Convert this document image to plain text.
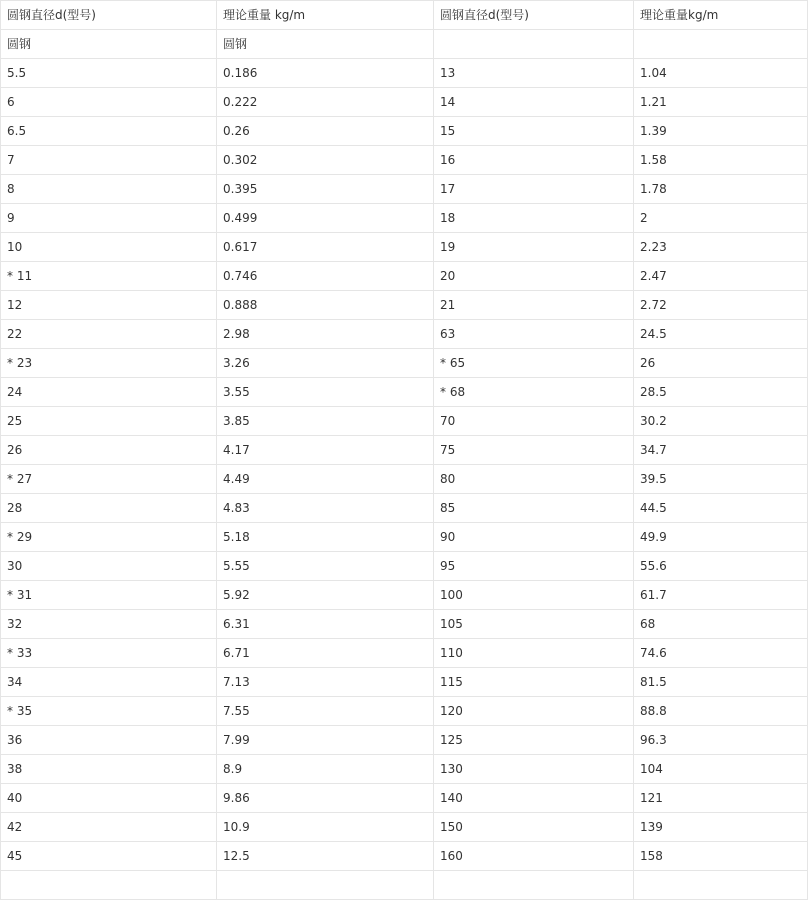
圆钢直径d(型号)	理论重量 kg/m	圆钢直径d(型号)	理论重量kg/m
圆钢	圆钢		
5.5	0.186	13	1.04
6	0.222	14	1.21
6.5	0.26	15	1.39
7	0.302	16	1.58
8	0.395	17	1.78
9	0.499	18	2
10	0.617	19	2.23
* 11	0.746	20	2.47
12	0.888	21	2.72
22	2.98	63	24.5
* 23	3.26	* 65	26
24	3.55	* 68	28.5
25	3.85	70	30.2
26	4.17	75	34.7
* 27	4.49	80	39.5
28	4.83	85	44.5
* 29	5.18	90	49.9
30	5.55	95	55.6
* 31	5.92	100	61.7
32	6.31	105	68
* 33	6.71	110	74.6
34	7.13	115	81.5
* 35	7.55	120	88.8
36	7.99	125	96.3
38	8.9	130	104
40	9.86	140	121
42	10.9	150	139
45	12.5	160	158
